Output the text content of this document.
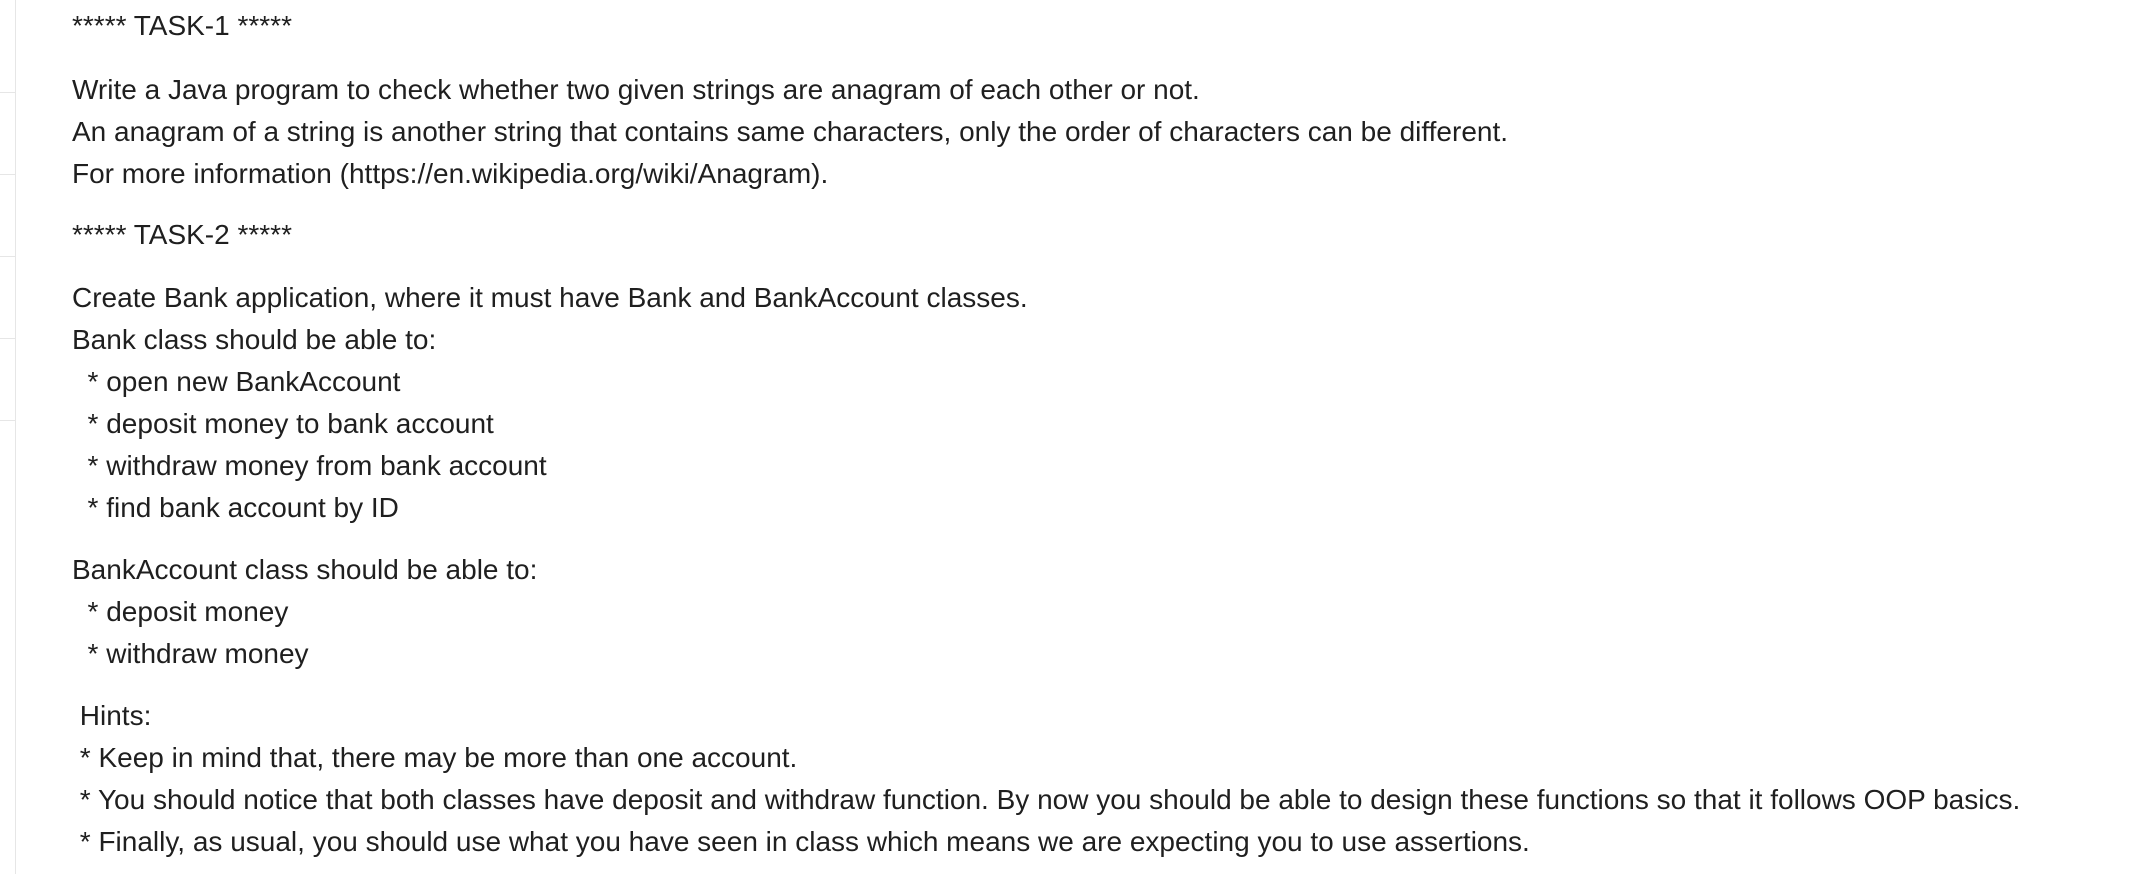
***** TASK-1 *****
Write a Java program to check whether two given strings are anagram of each other or not.
An anagram of a string is another string that contains same characters, only the order of characters can be different.
For more information (https://en.wikipedia.org/wiki/Anagram).
***** TASK-2 *****
Create Bank application, where it must have Bank and BankAccount classes.
Bank class should be able to:
* open new BankAccount
* deposit money to bank account
* withdraw money from bank account
* find bank account by ID
BankAccount class should be able to:
* deposit money
* withdraw money
Hints:
* Keep in mind that, there may be more than one account.
* You should notice that both classes have deposit and withdraw function. By now you should be able to design these functions so that it follows OOP basics.
* Finally, as usual, you should use what you have seen in class which means we are expecting you to use assertions.
